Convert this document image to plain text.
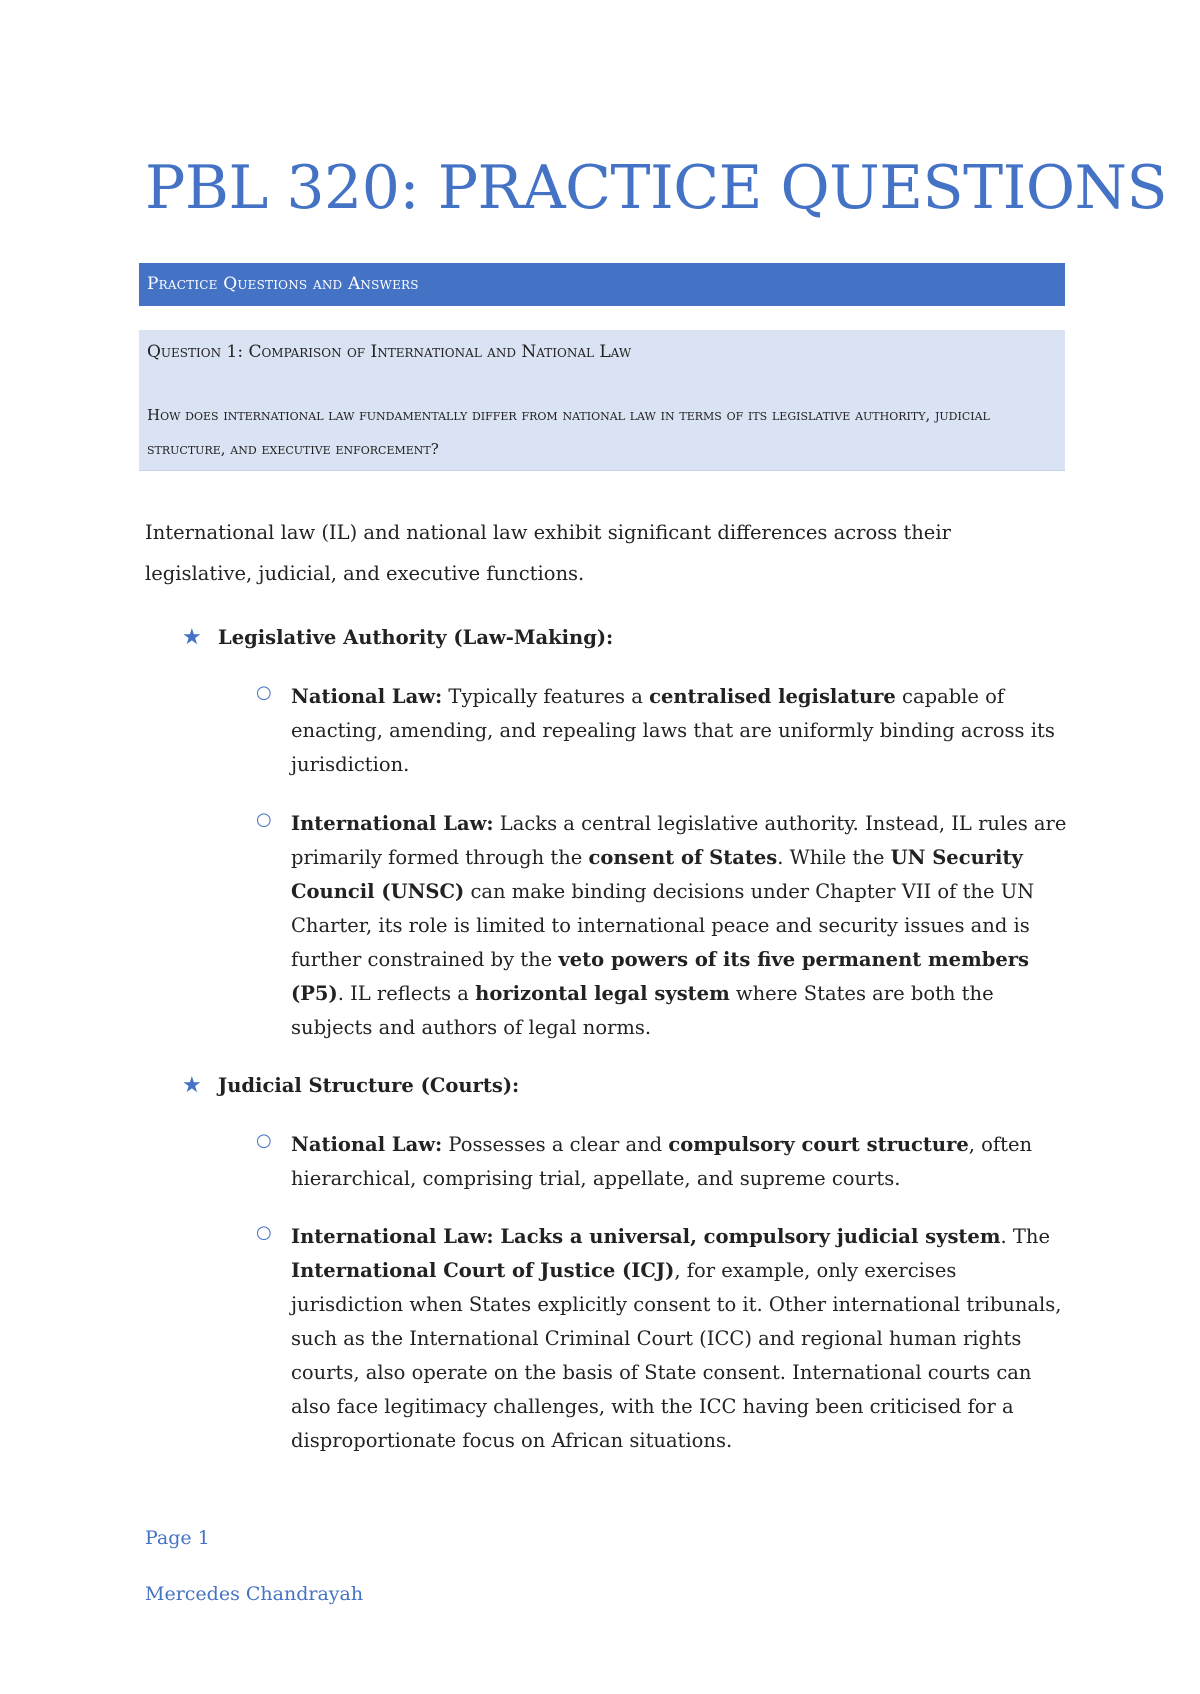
PBL 320: PRACTICE QUESTIONS
Practice Questions and Answers
Question 1: Comparison of International and National Law
How does international law fundamentally differ from national law in terms of its legislative authority, judicial structure, and executive enforcement?
International law (IL) and national law exhibit significant differences across their legislative, judicial, and executive functions.
★ Legislative Authority (Law-Making):
○ National Law: Typically features a centralised legislature capable of enacting, amending, and repealing laws that are uniformly binding across its jurisdiction.
○ International Law: Lacks a central legislative authority. Instead, IL rules are primarily formed through the consent of States. While the UN Security Council (UNSC) can make binding decisions under Chapter VII of the UN Charter, its role is limited to international peace and security issues and is further constrained by the veto powers of its five permanent members (P5). IL reflects a horizontal legal system where States are both the subjects and authors of legal norms.
★ Judicial Structure (Courts):
○ National Law: Possesses a clear and compulsory court structure, often hierarchical, comprising trial, appellate, and supreme courts.
○ International Law: Lacks a universal, compulsory judicial system. The International Court of Justice (ICJ), for example, only exercises jurisdiction when States explicitly consent to it. Other international tribunals, such as the International Criminal Court (ICC) and regional human rights courts, also operate on the basis of State consent. International courts can also face legitimacy challenges, with the ICC having been criticised for a disproportionate focus on African situations.
Page 1
Mercedes Chandrayah
